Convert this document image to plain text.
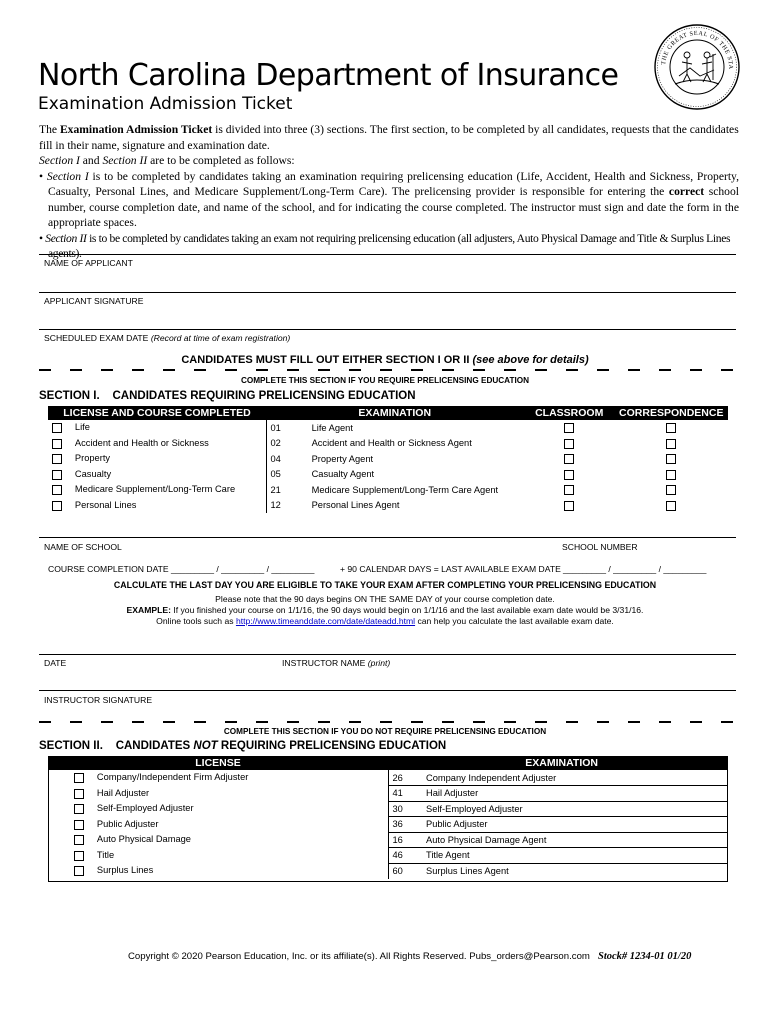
THE GREAT SEAL OF THE STA
North Carolina Department of Insurance
Examination Admission Ticket

The Examination Admission Ticket is divided into three (3) sections. The first section, to be completed by all candidates, requests that the candidates fill in their name, signature and examination date.

Section I and Section II are to be completed as follows:

• Section I is to be completed by candidates taking an examination requiring prelicensing education (Life, Accident, Health and Sickness, Property, Casualty, Personal Lines, and Medicare Supplement/Long-Term Care). The prelicensing provider is responsible for entering the correct school number, course completion date, and name of the school, and for indicating the course completed. The instructor must sign and date the form in the appropriate spaces.

• Section II is to be completed by candidates taking an exam not requiring prelicensing education (all adjusters, Auto Physical Damage and Title & Surplus Lines agents).

NAME OF APPLICANT
APPLICANT SIGNATURE
SCHEDULED EXAM DATE (Record at time of exam registration)
CANDIDATES MUST FILL OUT EITHER SECTION I OR II (see above for details)
COMPLETE THIS SECTION IF YOU REQUIRE PRELICENSING EDUCATION
SECTION I. CANDIDATES REQUIRING PRELICENSING EDUCATION
LICENSE AND COURSE COMPLETED	EXAMINATION		CLASSROOM	CORRESPONDENCE
Life	01	Life Agent		
Accident and Health or Sickness	02	Accident and Health or Sickness Agent		
Property	04	Property Agent		
Casualty	05	Casualty Agent		
Medicare Supplement/Long-Term Care	21	Medicare Supplement/Long-Term Care Agent		
Personal Lines	12	Personal Lines Agent		
NAME OF SCHOOL	SCHOOL NUMBER
COURSE COMPLETION DATE _________ / _________ / _________	+ 90 CALENDAR DAYS = LAST AVAILABLE EXAM DATE _________ / _________ / _________
CALCULATE THE LAST DAY YOU ARE ELIGIBLE TO TAKE YOUR EXAM AFTER COMPLETING YOUR PRELICENSING EDUCATION
Please note that the 90 days begins ON THE SAME DAY of your course completion date.
EXAMPLE: If you finished your course on 1/1/16, the 90 days would begin on 1/1/16 and the last available exam date would be 3/31/16.
Online tools such as http://www.timeanddate.com/date/dateadd.html can help you calculate the last available exam date.
DATE	INSTRUCTOR NAME (print)
INSTRUCTOR SIGNATURE
COMPLETE THIS SECTION IF YOU DO NOT REQUIRE PRELICENSING EDUCATION
SECTION II. CANDIDATES NOT REQUIRING PRELICENSING EDUCATION
LICENSE	EXAMINATION	
Company/Independent Firm Adjuster	26	Company Independent Adjuster
Hail Adjuster	41	Hail Adjuster
Self-Employed Adjuster	30	Self-Employed Adjuster
Public Adjuster	36	Public Adjuster
Auto Physical Damage	16	Auto Physical Damage Agent
Title	46	Title Agent
Surplus Lines	60	Surplus Lines Agent
Copyright © 2020 Pearson Education, Inc. or its affiliate(s). All Rights Reserved. Pubs_orders@Pearson.com Stock# 1234-01 01/20
